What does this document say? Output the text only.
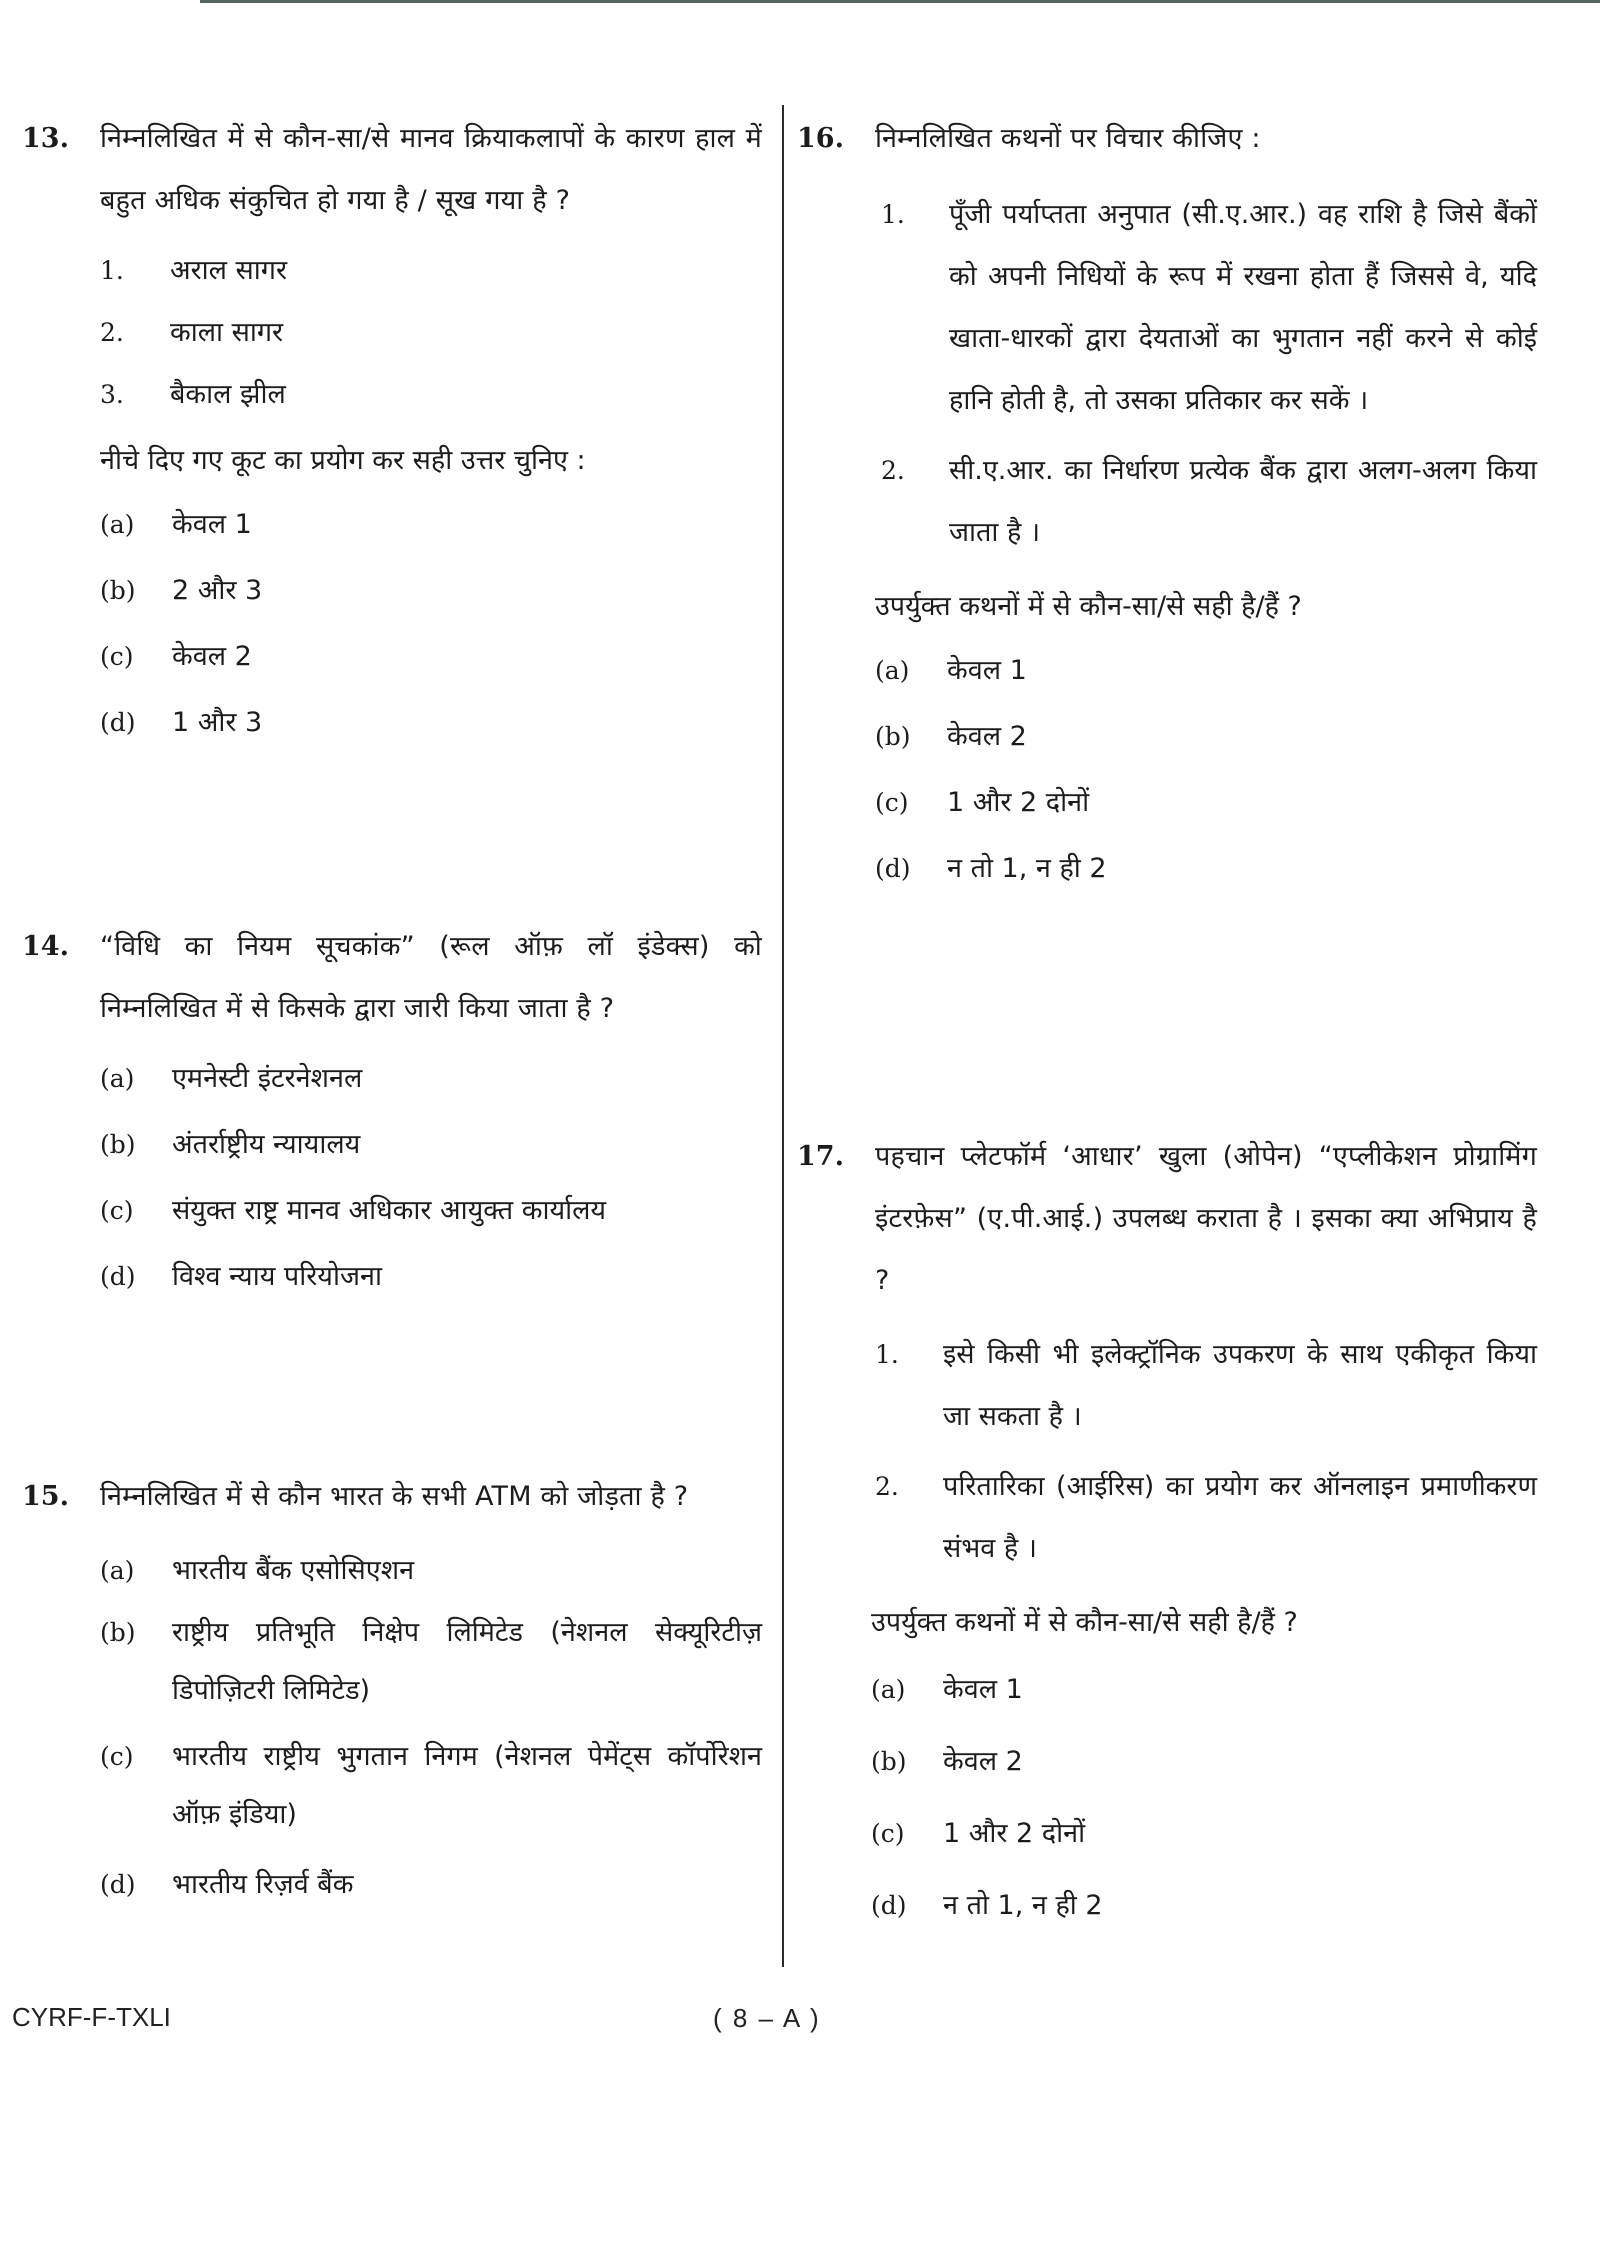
13.	निम्नलिखित में से कौन-सा/से मानव क्रियाकलापों के कारण हाल में बहुत अधिक संकुचित हो गया है / सूख गया है ?
1.	अराल सागर
2.	काला सागर
3.	बैकाल झील
नीचे दिए गए कूट का प्रयोग कर सही उत्तर चुनिए :
(a)	केवल 1
(b)	2 और 3
(c)	केवल 2
(d)	1 और 3
14.	“विधि का नियम सूचकांक” (रूल ऑफ़ लॉ इंडेक्स) को निम्नलिखित में से किसके द्वारा जारी किया जाता है ?
(a)	एमनेस्टी इंटरनेशनल
(b)	अंतर्राष्ट्रीय न्यायालय
(c)	संयुक्त राष्ट्र मानव अधिकार आयुक्त कार्यालय
(d)	विश्व न्याय परियोजना
15.	निम्नलिखित में से कौन भारत के सभी ATM को जोड़ता है ?
(a)	भारतीय बैंक एसोसिएशन
(b)	राष्ट्रीय प्रतिभूति निक्षेप लिमिटेड (नेशनल सेक्यूरिटीज़ डिपोज़िटरी लिमिटेड)
(c)	भारतीय राष्ट्रीय भुगतान निगम (नेशनल पेमेंट्स कॉर्पोरेशन ऑफ़ इंडिया)
(d)	भारतीय रिज़र्व बैंक
16.	निम्नलिखित कथनों पर विचार कीजिए :
1.	पूँजी पर्याप्तता अनुपात (सी.ए.आर.) वह राशि है जिसे बैंकों को अपनी निधियों के रूप में रखना होता हैं जिससे वे, यदि खाता-धारकों द्वारा देयताओं का भुगतान नहीं करने से कोई हानि होती है, तो उसका प्रतिकार कर सकें ।
2.	सी.ए.आर. का निर्धारण प्रत्येक बैंक द्वारा अलग-अलग किया जाता है ।
उपर्युक्त कथनों में से कौन-सा/से सही है/हैं ?
(a)	केवल 1
(b)	केवल 2
(c)	1 और 2 दोनों
(d)	न तो 1, न ही 2
17.	पहचान प्लेटफॉर्म ‘आधार’ खुला (ओपेन) “एप्लीकेशन प्रोग्रामिंग इंटरफ़ेस” (ए.पी.आई.) उपलब्ध कराता है । इसका क्या अभिप्राय है ?
1.	इसे किसी भी इलेक्ट्रॉनिक उपकरण के साथ एकीकृत किया जा सकता है ।
2.	परितारिका (आईरिस) का प्रयोग कर ऑनलाइन प्रमाणीकरण संभव है ।
उपर्युक्त कथनों में से कौन-सा/से सही है/हैं ?
(a)	केवल 1
(b)	केवल 2
(c)	1 और 2 दोनों
(d)	न तो 1, न ही 2
CYRF-F-TXLI	( 8 – A )
